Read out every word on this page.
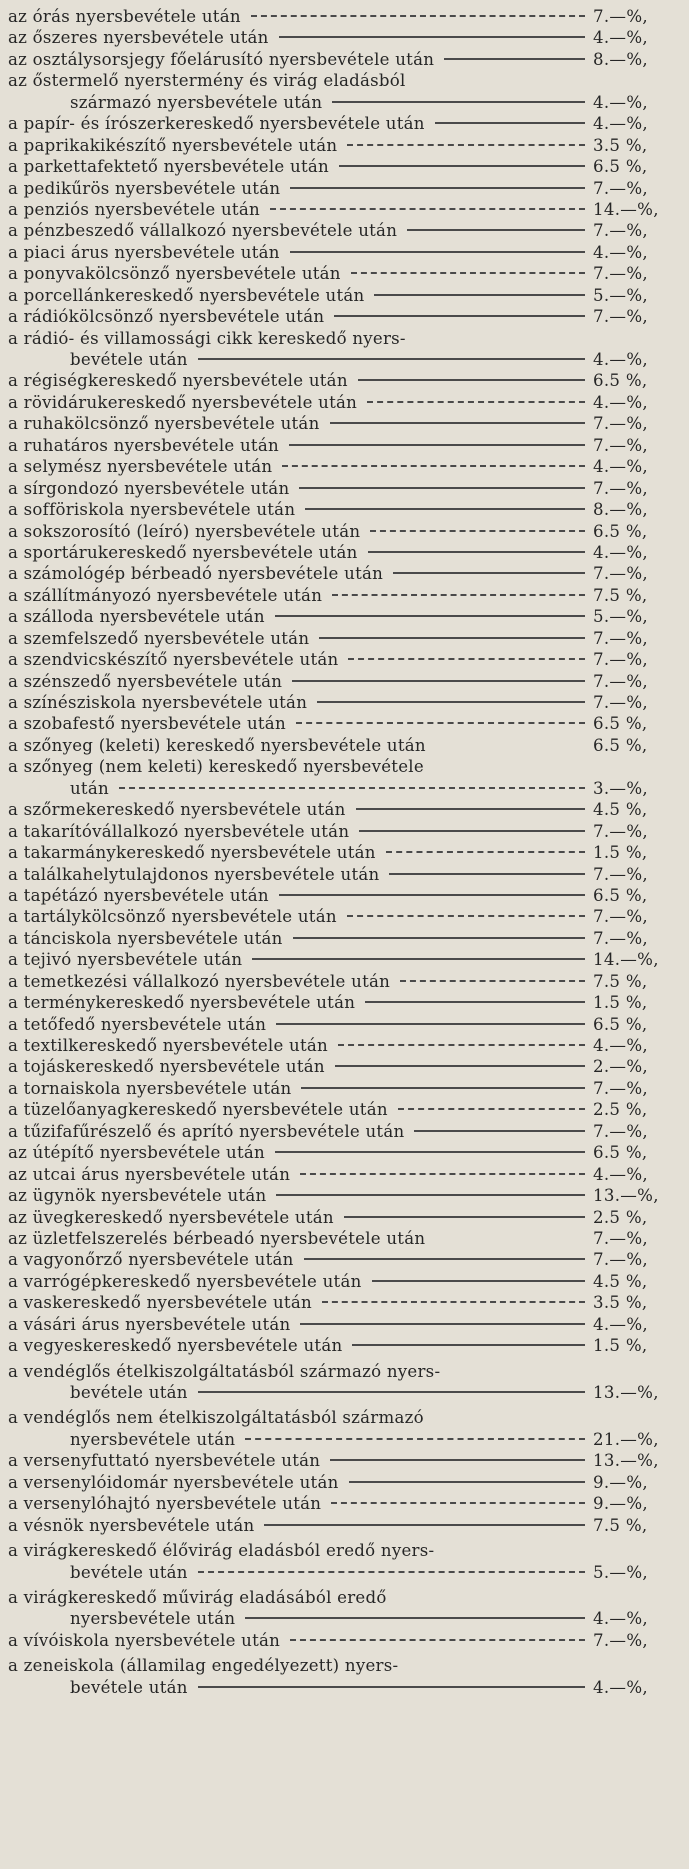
az órás nyersbevétele után	7.—%,
az őszeres nyersbevétele után	4.—%,
az osztálysorsjegy főelárusító nyersbevétele után	8.—%,
az őstermelő nyerstermény és virág eladásból
származó nyersbevétele után	4.—%,
a papír- és írószerkereskedő nyersbevétele után	4.—%,
a paprikakikészítő nyersbevétele után	3.5 %,
a parkettafektető nyersbevétele után	6.5 %,
a pedikűrös nyersbevétele után	7.—%,
a penziós nyersbevétele után	14.—%,
a pénzbeszedő vállalkozó nyersbevétele után	7.—%,
a piaci árus nyersbevétele után	4.—%,
a ponyvakölcsönző nyersbevétele után	7.—%,
a porcellánkereskedő nyersbevétele után	5.—%,
a rádiókölcsönző nyersbevétele után	7.—%,
a rádió- és villamossági cikk kereskedő nyers-
bevétele után	4.—%,
a régiségkereskedő nyersbevétele után	6.5 %,
a rövidárukereskedő nyersbevétele után	4.—%,
a ruhakölcsönző nyersbevétele után	7.—%,
a ruhatáros nyersbevétele után	7.—%,
a selymész nyersbevétele után	4.—%,
a sírgondozó nyersbevétele után	7.—%,
a sofföriskola nyersbevétele után	8.—%,
a sokszorosító (leíró) nyersbevétele után	6.5 %,
a sportárukereskedő nyersbevétele után	4.—%,
a számológép bérbeadó nyersbevétele után	7.—%,
a szállítmányozó nyersbevétele után	7.5 %,
a szálloda nyersbevétele után	5.—%,
a szemfelszedő nyersbevétele után	7.—%,
a szendvicskészítő nyersbevétele után	7.—%,
a szénszedő nyersbevétele után	7.—%,
a színésziskola nyersbevétele után	7.—%,
a szobafestő nyersbevétele után	6.5 %,
a szőnyeg (keleti) kereskedő nyersbevétele után	6.5 %,
a szőnyeg (nem keleti) kereskedő nyersbevétele
után	3.—%,
a szőrmekereskedő nyersbevétele után	4.5 %,
a takarítóvállalkozó nyersbevétele után	7.—%,
a takarmánykereskedő nyersbevétele után	1.5 %,
a találkahelytulajdonos nyersbevétele után	7.—%,
a tapétázó nyersbevétele után	6.5 %,
a tartálykölcsönző nyersbevétele után	7.—%,
a tánciskola nyersbevétele után	7.—%,
a tejivó nyersbevétele után	14.—%,
a temetkezési vállalkozó nyersbevétele után	7.5 %,
a terménykereskedő nyersbevétele után	1.5 %,
a tetőfedő nyersbevétele után	6.5 %,
a textilkereskedő nyersbevétele után	4.—%,
a tojáskereskedő nyersbevétele után	2.—%,
a tornaiskola nyersbevétele után	7.—%,
a tüzelőanyagkereskedő nyersbevétele után	2.5 %,
a tűzifafűrészelő és aprító nyersbevétele után	7.—%,
az útépítő nyersbevétele után	6.5 %,
az utcai árus nyersbevétele után	4.—%,
az ügynök nyersbevétele után	13.—%,
az üvegkereskedő nyersbevétele után	2.5 %,
az üzletfelszerelés bérbeadó nyersbevétele után	7.—%,
a vagyonőrző nyersbevétele után	7.—%,
a varrógépkereskedő nyersbevétele után	4.5 %,
a vaskereskedő nyersbevétele után	3.5 %,
a vásári árus nyersbevétele után	4.—%,
a vegyeskereskedő nyersbevétele után	1.5 %,
a vendéglős ételkiszolgáltatásból származó nyers-
bevétele után	13.—%,
a vendéglős nem ételkiszolgáltatásból származó
nyersbevétele után	21.—%,
a versenyfuttató nyersbevétele után	13.—%,
a versenylóidomár nyersbevétele után	9.—%,
a versenylóhajtó nyersbevétele után	9.—%,
a vésnök nyersbevétele után	7.5 %,
a virágkereskedő élővirág eladásból eredő nyers-
bevétele után	5.—%,
a virágkereskedő művirág eladásából eredő
nyersbevétele után	4.—%,
a vívóiskola nyersbevétele után	7.—%,
a zeneiskola (államilag engedélyezett) nyers-
bevétele után	4.—%,
